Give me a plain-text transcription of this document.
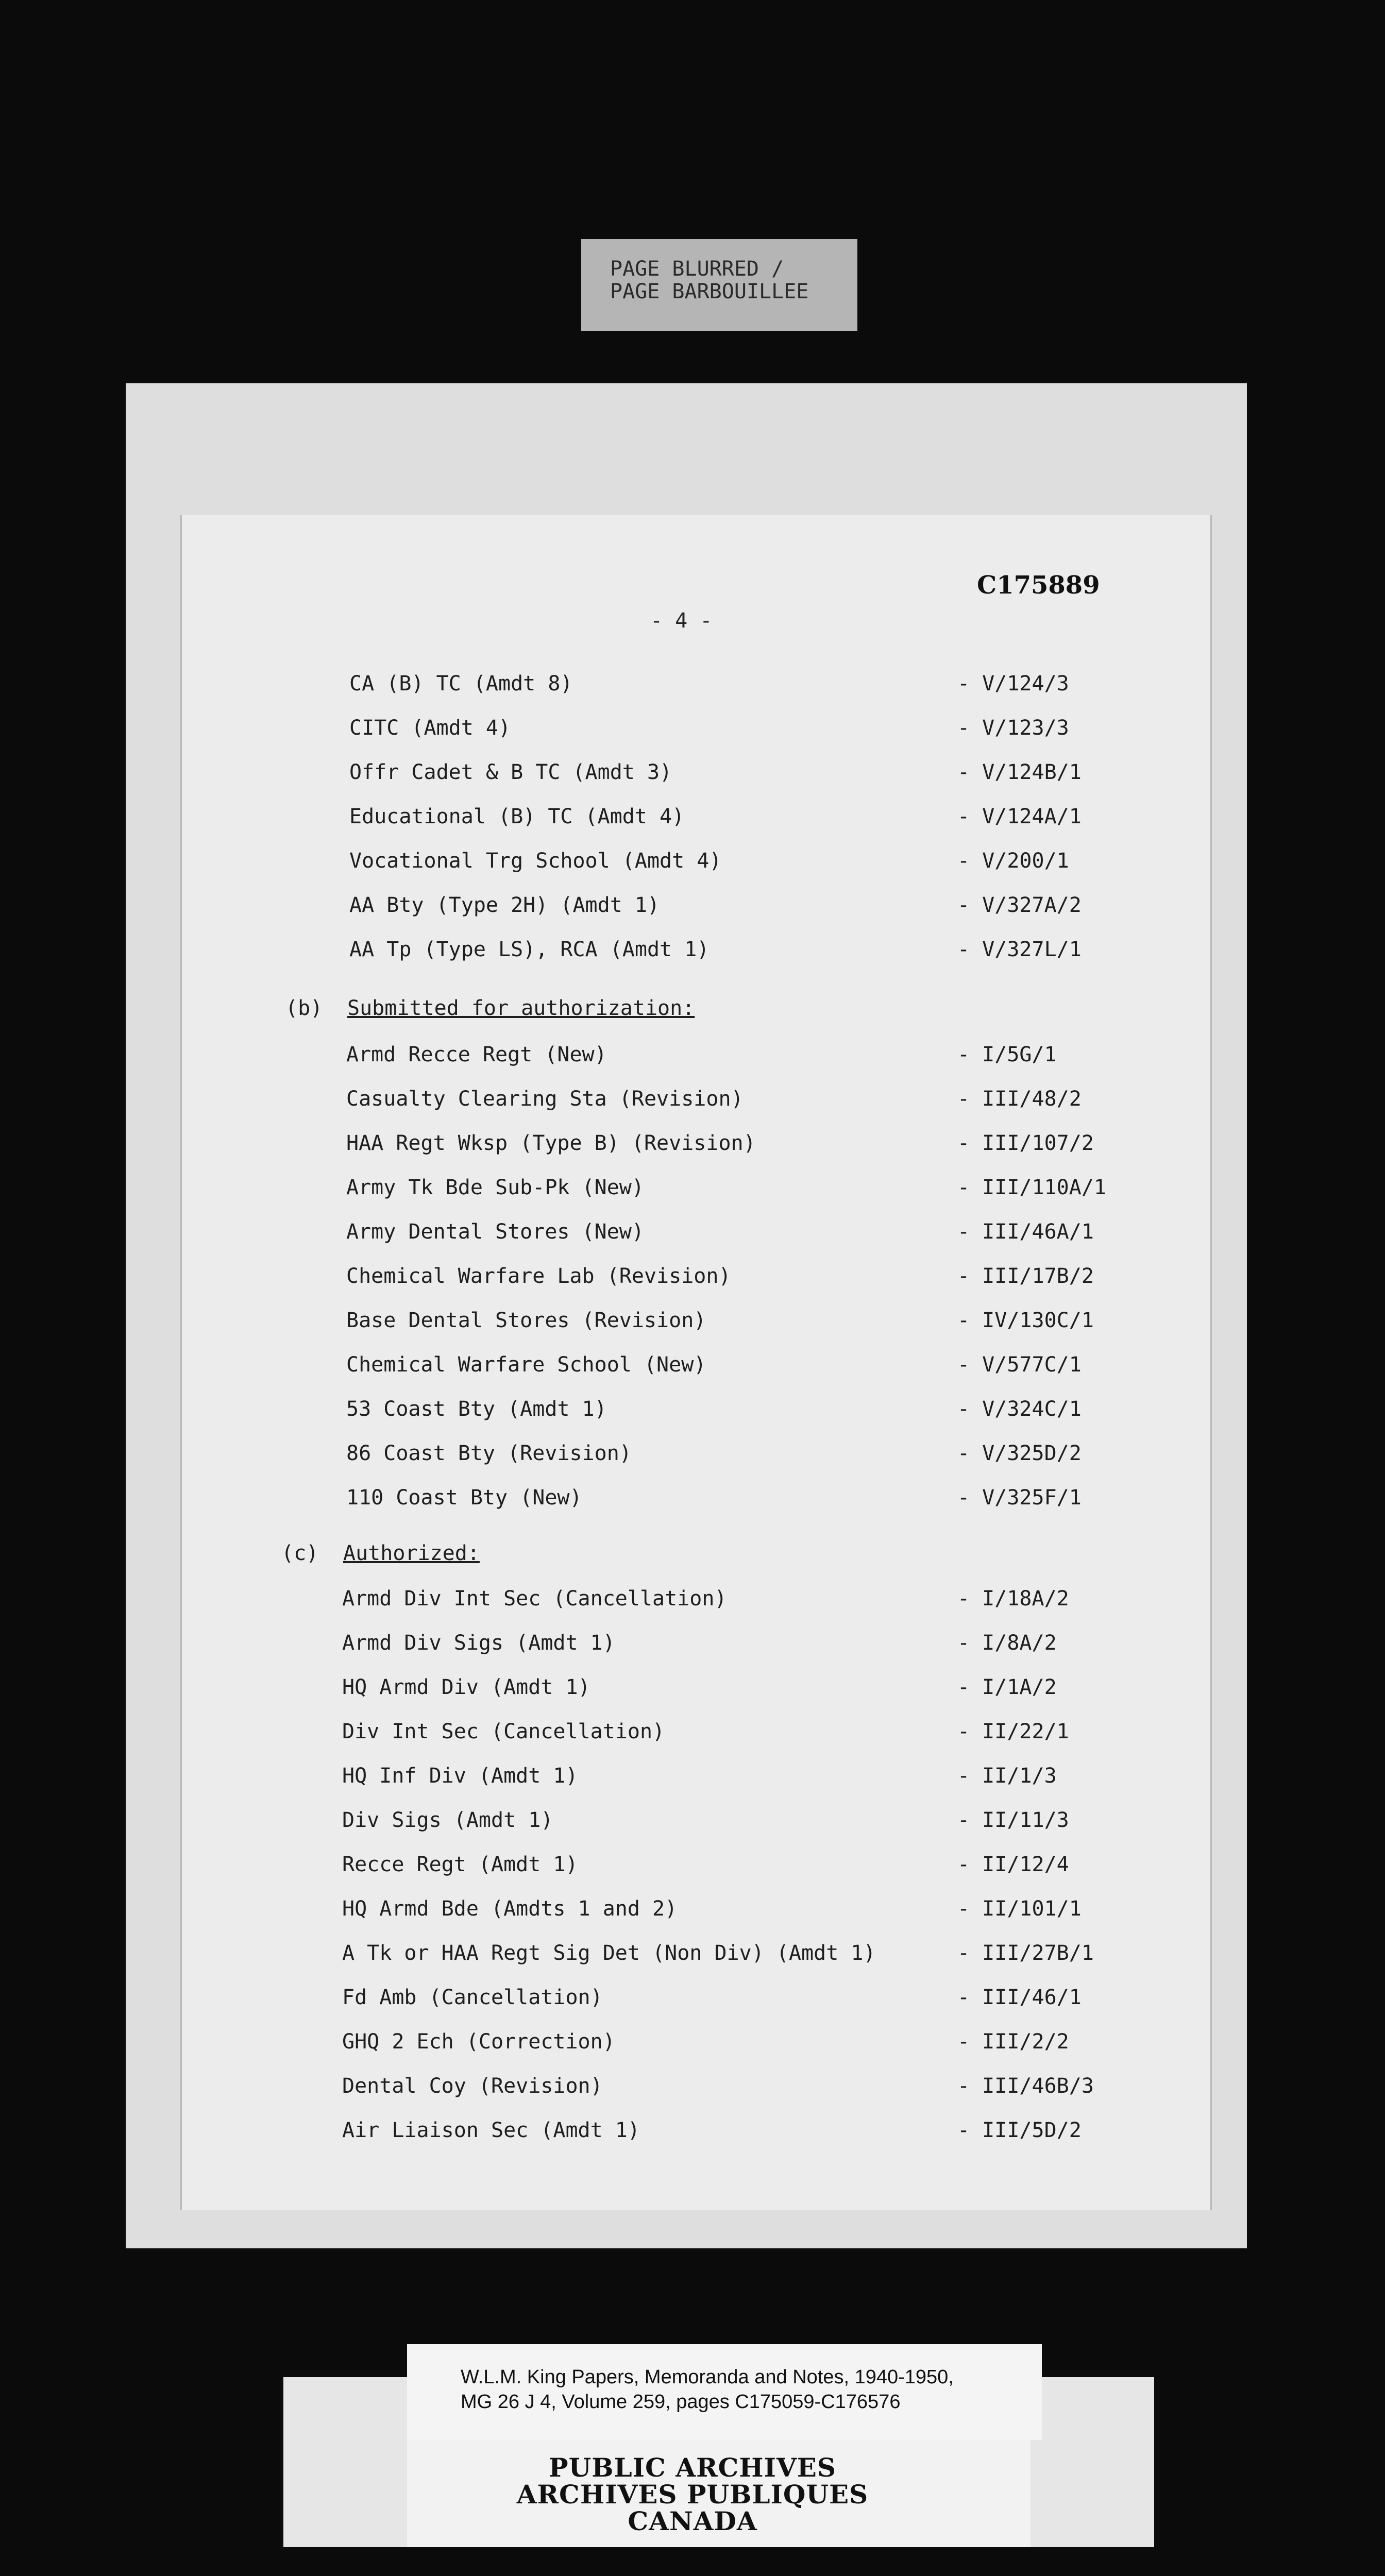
PAGE BLURRED /
PAGE BARBOUILLEE
C175889
- 4 -
CA (B) TC (Amdt 8)	- V/124/3
CITC (Amdt 4)	- V/123/3
Offr Cadet & B TC (Amdt 3)	- V/124B/1
Educational (B) TC (Amdt 4)	- V/124A/1
Vocational Trg School (Amdt 4)	- V/200/1
AA Bty (Type 2H) (Amdt 1)	- V/327A/2
AA Tp (Type LS), RCA (Amdt 1)	- V/327L/1

(b)

Submitted for authorization:

Armd Recce Regt (New)	- I/5G/1
Casualty Clearing Sta (Revision)	- III/48/2
HAA Regt Wksp (Type B) (Revision)	- III/107/2
Army Tk Bde Sub-Pk (New)	- III/110A/1
Army Dental Stores (New)	- III/46A/1
Chemical Warfare Lab (Revision)	- III/17B/2
Base Dental Stores (Revision)	- IV/130C/1
Chemical Warfare School (New)	- V/577C/1
53 Coast Bty (Amdt 1)	- V/324C/1
86 Coast Bty (Revision)	- V/325D/2
110 Coast Bty (New)	- V/325F/1

(c)

Authorized:

Armd Div Int Sec (Cancellation)	- I/18A/2
Armd Div Sigs (Amdt 1)	- I/8A/2
HQ Armd Div (Amdt 1)	- I/1A/2
Div Int Sec (Cancellation)	- II/22/1
HQ Inf Div (Amdt 1)	- II/1/3
Div Sigs (Amdt 1)	- II/11/3
Recce Regt (Amdt 1)	- II/12/4
HQ Armd Bde (Amdts 1 and 2)	- II/101/1
A Tk or HAA Regt Sig Det (Non Div) (Amdt 1)	- III/27B/1
Fd Amb (Cancellation)	- III/46/1
GHQ 2 Ech (Correction)	- III/2/2
Dental Coy (Revision)	- III/46B/3
Air Liaison Sec (Amdt 1)	- III/5D/2
W.L.M. King Papers, Memoranda and Notes, 1940-1950,
MG 26 J 4, Volume 259, pages C175059-C176576
PUBLIC ARCHIVES
ARCHIVES PUBLIQUES
CANADA
